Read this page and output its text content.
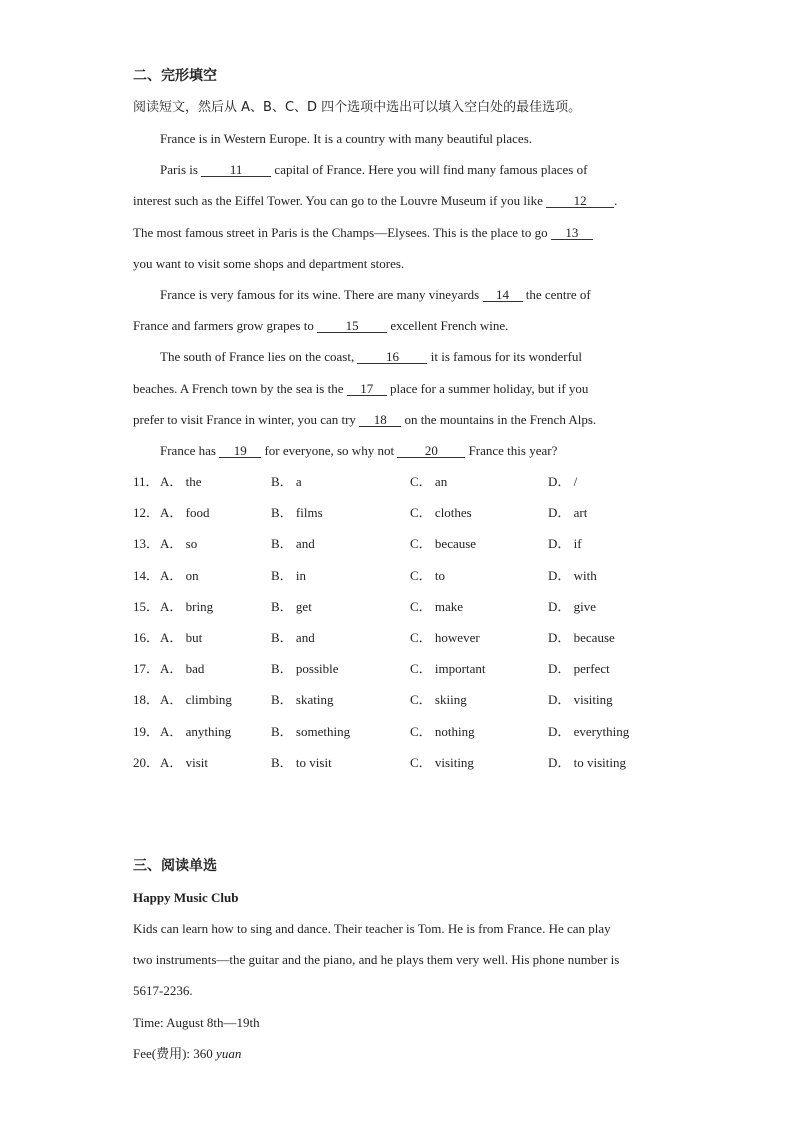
二、完形填空
阅读短文，然后从 A、B、C、D 四个选项中选出可以填入空白处的最佳选项。
France is in Western Europe. It is a country with many beautiful places.
Paris is 11 capital of France. Here you will find many famous places of
interest such as the Eiffel Tower. You can go to the Louvre Museum if you like 12 .
The most famous street in Paris is the Champs—Elysees. This is the place to go 13
you want to visit some shops and department stores.
France is very famous for its wine. There are many vineyards 14 the centre of
France and farmers grow grapes to 15 excellent French wine.
The south of France lies on the coast, 16 it is famous for its wonderful
beaches. A French town by the sea is the 17 place for a summer holiday, but if you
prefer to visit France in winter, you can try 18 on the mountains in the French Alps.
France has 19 for everyone, so why not 20 France this year?
11． A． the	B． a	C． an	D． /
12． A． food	B． films	C． clothes	D． art
13． A． so	B． and	C． because	D． if
14． A． on	B． in	C． to	D． with
15． A． bring	B． get	C． make	D． give
16． A． but	B． and	C． however	D． because
17． A． bad	B． possible	C． important	D． perfect
18． A． climbing	B． skating	C． skiing	D． visiting
19． A． anything	B． something	C． nothing	D． everything
20． A． visit	B． to visit	C． visiting	D． to visiting
三、阅读单选
Happy Music Club
Kids can learn how to sing and dance. Their teacher is Tom. He is from France. He can play
two instruments—the guitar and the piano, and he plays them very well. His phone number is
5617-2236.
Time: August 8th—19th
Fee(费用): 360 yuan
